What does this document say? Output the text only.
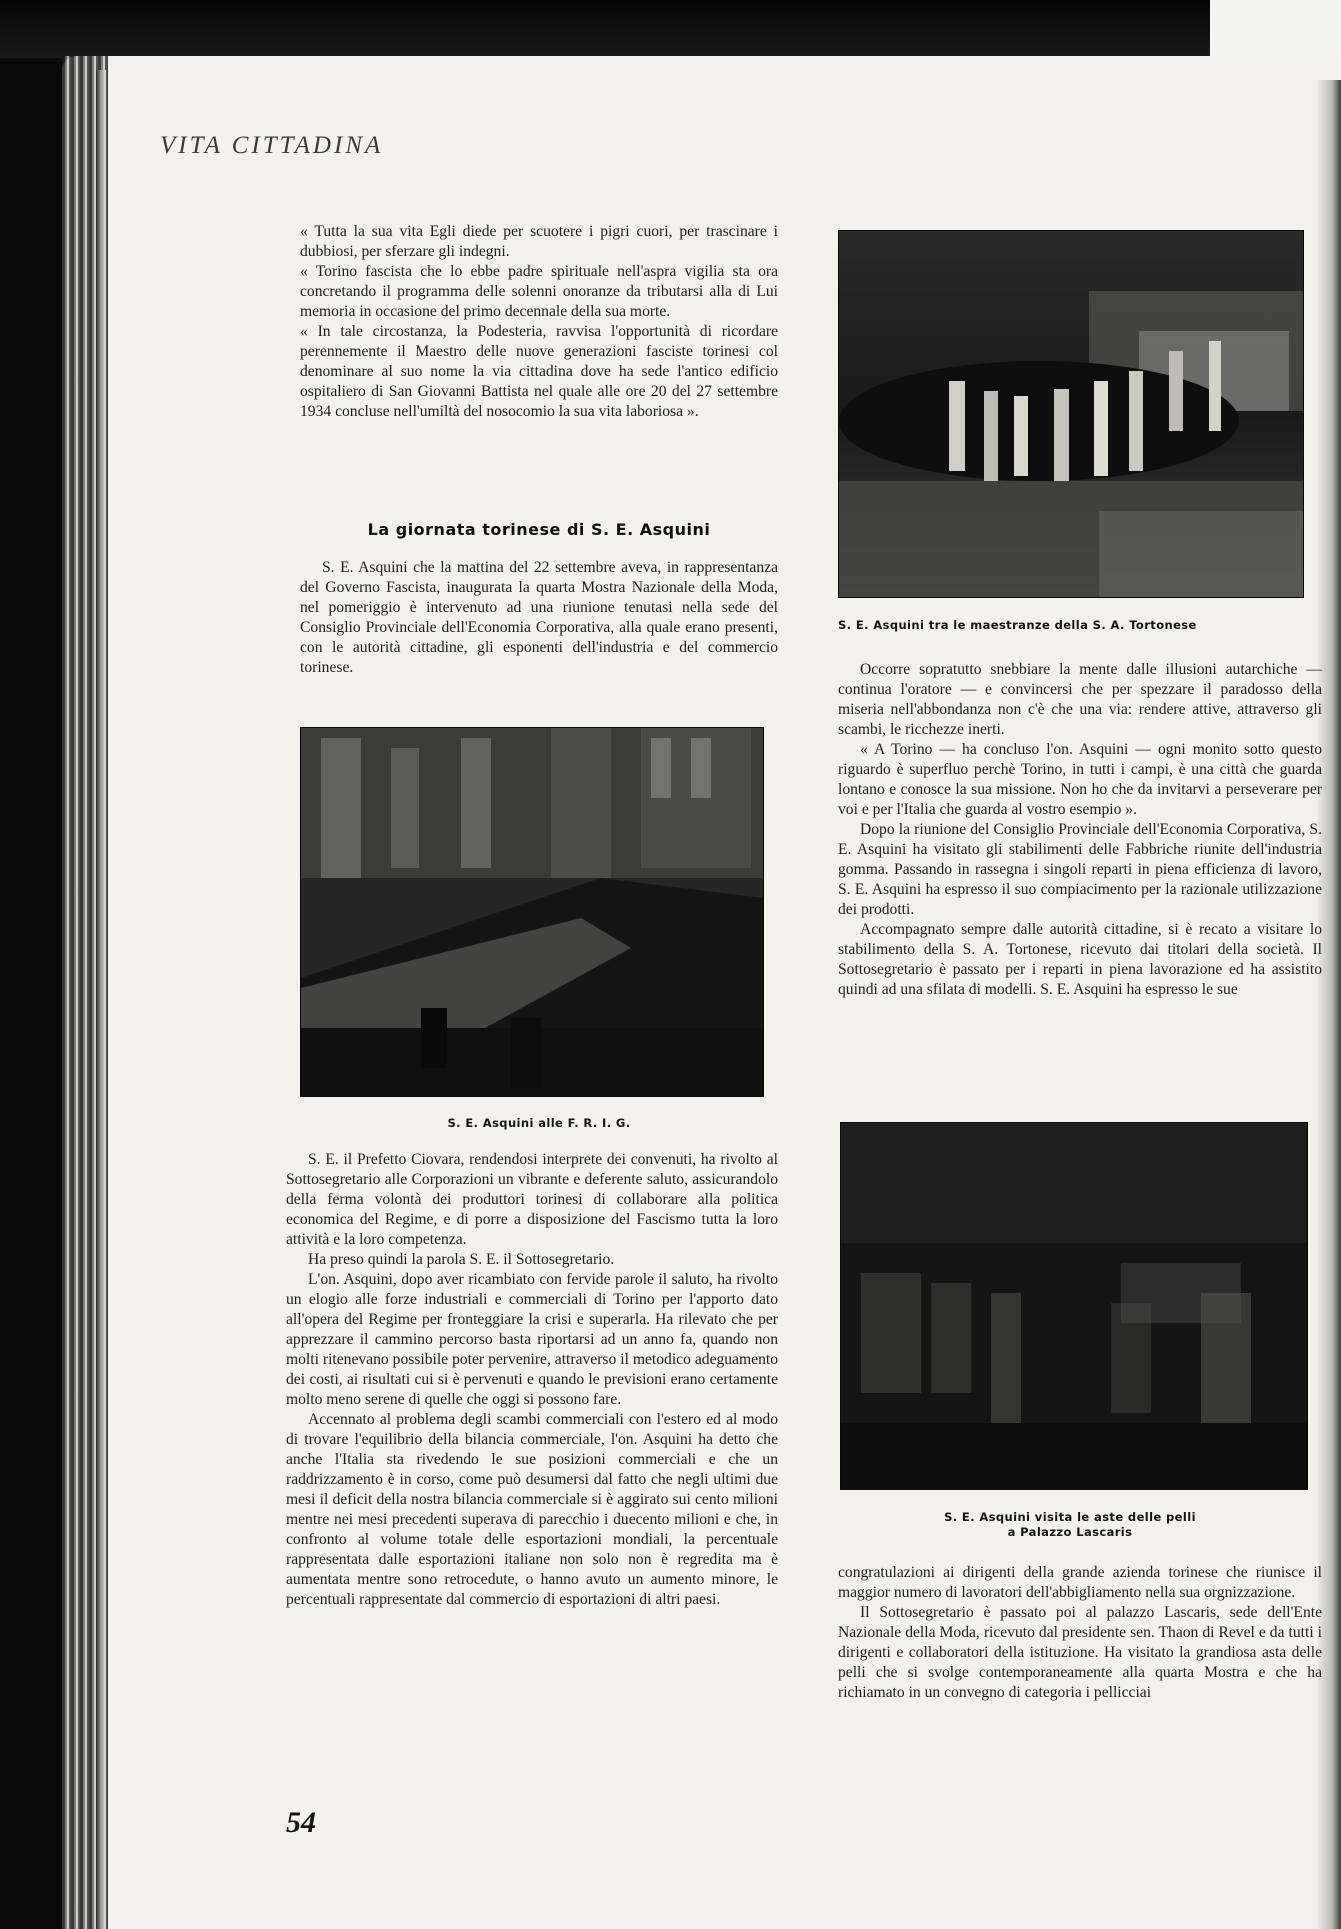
VITA CITTADINA

« Tutta la sua vita Egli diede per scuotere i pigri cuori, per trascinare i dubbiosi, per sferzare gli indegni.

« Torino fascista che lo ebbe padre spirituale nell'aspra vigilia sta ora concretando il programma delle solenni onoranze da tributarsi alla di Lui memoria in occasione del primo decennale della sua morte.

« In tale circostanza, la Podesteria, ravvisa l'opportunità di ricordare perennemente il Maestro delle nuove generazioni fasciste torinesi col denominare al suo nome la via cittadina dove ha sede l'antico edificio ospitaliero di San Giovanni Battista nel quale alle ore 20 del 27 settembre 1934 concluse nell'umiltà del nosocomio la sua vita laboriosa ».

La giornata torinese di S. E. Asquini

S. E. Asquini che la mattina del 22 settembre aveva, in rappresentanza del Governo Fascista, inaugurata la quarta Mostra Nazionale della Moda, nel pomeriggio è intervenuto ad una riunione tenutasi nella sede del Consiglio Provinciale dell'Economia Corporativa, alla quale erano presenti, con le autorità cittadine, gli esponenti dell'industria e del commercio torinese.

S. E. Asquini tra le maestranze della S. A. Tortonese
S. E. Asquini alle F. R. I. G.
S. E. Asquini visita le aste delle pelli
a Palazzo Lascaris

S. E. il Prefetto Ciovara, rendendosi interprete dei convenuti, ha rivolto al Sottosegretario alle Corporazioni un vibrante e deferente saluto, assicurandolo della ferma volontà dei produttori torinesi di collaborare alla politica economica del Regime, e di porre a disposizione del Fascismo tutta la loro attività e la loro competenza.

Ha preso quindi la parola S. E. il Sottosegretario.

L'on. Asquini, dopo aver ricambiato con fervide parole il saluto, ha rivolto un elogio alle forze industriali e commerciali di Torino per l'apporto dato all'opera del Regime per fronteggiare la crisi e superarla. Ha rilevato che per apprezzare il cammino percorso basta riportarsi ad un anno fa, quando non molti ritenevano possibile poter pervenire, attraverso il metodico adeguamento dei costi, ai risultati cui si è pervenuti e quando le previsioni erano certamente molto meno serene di quelle che oggi si possono fare.

Accennato al problema degli scambi commerciali con l'estero ed al modo di trovare l'equilibrio della bilancia commerciale, l'on. Asquini ha detto che anche l'Italia sta rivedendo le sue posizioni commerciali e che un raddrizzamento è in corso, come può desumersi dal fatto che negli ultimi due mesi il deficit della nostra bilancia commerciale si è aggirato sui cento milioni mentre nei mesi precedenti superava di parecchio i duecento milioni e che, in confronto al volume totale delle esportazioni mondiali, la percentuale rappresentata dalle esportazioni italiane non solo non è regredita ma è aumentata mentre sono retrocedute, o hanno avuto un aumento minore, le percentuali rappresentate dal commercio di esportazioni di altri paesi.

Occorre sopratutto snebbiare la mente dalle illusioni autarchiche — continua l'oratore — e convincersi che per spezzare il paradosso della miseria nell'abbondanza non c'è che una via: rendere attive, attraverso gli scambi, le ricchezze inerti.

« A Torino — ha concluso l'on. Asquini — ogni monito sotto questo riguardo è superfluo perchè Torino, in tutti i campi, è una città che guarda lontano e conosce la sua missione. Non ho che da invitarvi a perseverare per voi e per l'Italia che guarda al vostro esempio ».

Dopo la riunione del Consiglio Provinciale dell'Economia Corporativa, S. E. Asquini ha visitato gli stabilimenti delle Fabbriche riunite dell'industria gomma. Passando in rassegna i singoli reparti in piena efficienza di lavoro, S. E. Asquini ha espresso il suo compiacimento per la razionale utilizzazione dei prodotti.

Accompagnato sempre dalle autorità cittadine, si è recato a visitare lo stabilimento della S. A. Tortonese, ricevuto dai titolari della società. Il Sottosegretario è passato per i reparti in piena lavorazione ed ha assistito quindi ad una sfilata di modelli. S. E. Asquini ha espresso le sue

congratulazioni ai dirigenti della grande azienda torinese che riunisce il maggior numero di lavoratori dell'abbigliamento nella sua orgnizzazione.

Il Sottosegretario è passato poi al palazzo Lascaris, sede dell'Ente Nazionale della Moda, ricevuto dal presidente sen. Thaon di Revel e da tutti i dirigenti e collaboratori della istituzione. Ha visitato la grandiosa asta delle pelli che si svolge contemporaneamente alla quarta Mostra e che ha richiamato in un convegno di categoria i pellicciai

54
